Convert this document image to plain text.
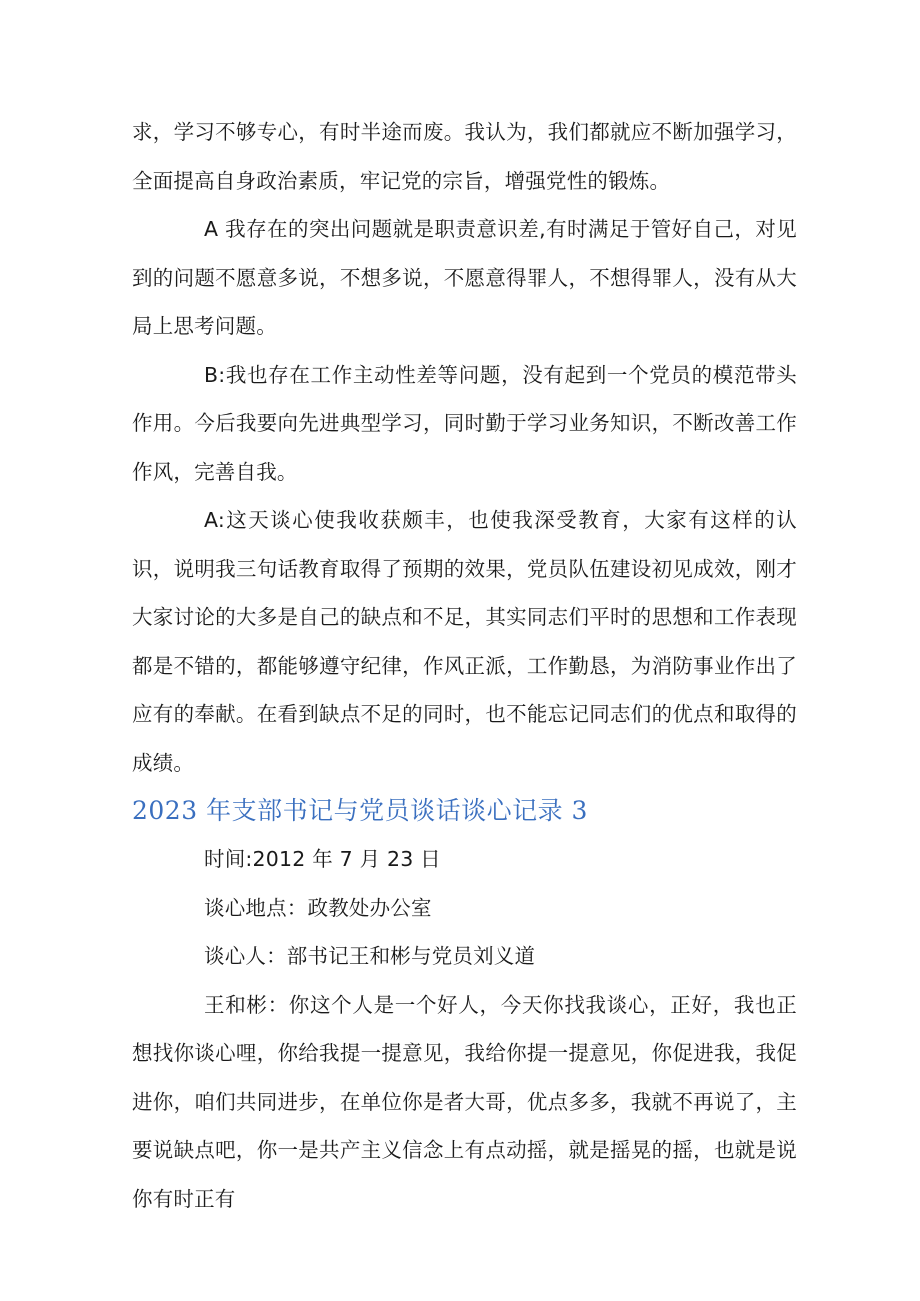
求，学习不够专心，有时半途而废。我认为，我们都就应不断加强学习，全面提高自身政治素质，牢记党的宗旨，增强党性的锻炼。

A 我存在的突出问题就是职责意识差,有时满足于管好自己，对见到的问题不愿意多说，不想多说，不愿意得罪人，不想得罪人，没有从大局上思考问题。

B:我也存在工作主动性差等问题，没有起到一个党员的模范带头作用。今后我要向先进典型学习，同时勤于学习业务知识，不断改善工作作风，完善自我。

A:这天谈心使我收获颇丰，也使我深受教育，大家有这样的认识，说明我三句话教育取得了预期的效果，党员队伍建设初见成效，刚才大家讨论的大多是自己的缺点和不足，其实同志们平时的思想和工作表现都是不错的，都能够遵守纪律，作风正派，工作勤恳，为消防事业作出了应有的奉献。在看到缺点不足的同时，也不能忘记同志们的优点和取得的成绩。

2023 年支部书记与党员谈话谈心记录 3

时间:2012 年 7 月 23 日

谈心地点：政教处办公室

谈心人：部书记王和彬与党员刘义道

王和彬：你这个人是一个好人，今天你找我谈心，正好，我也正想找你谈心哩，你给我提一提意见，我给你提一提意见，你促进我，我促进你，咱们共同进步，在单位你是者大哥，优点多多，我就不再说了，主要说缺点吧，你一是共产主义信念上有点动摇，就是摇晃的摇，也就是说你有时正有
